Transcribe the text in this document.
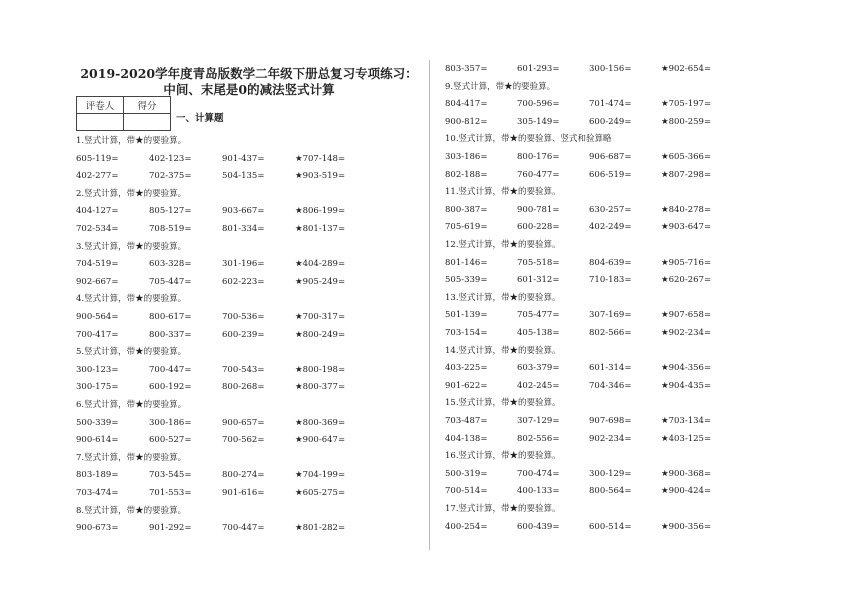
2019-2020学年度青岛版数学二年级下册总复习专项练习：
中间、末尾是0的减法竖式计算
评卷人	得分

一、计算题
1.竖式计算，带★的要验算。
605-119=	402-123=	901-437=	★707-148=
402-277=	702-375=	504-135=	★903-519=
2.竖式计算，带★的要验算。
404-127=	805-127=	903-667=	★806-199=
702-534=	708-519=	801-334=	★801-137=
3.竖式计算，带★的要验算。
704-519=	603-328=	301-196=	★404-289=
902-667=	705-447=	602-223=	★905-249=
4.竖式计算，带★的要验算。
900-564=	800-617=	700-536=	★700-317=
700-417=	800-337=	600-239=	★800-249=
5.竖式计算，带★的要验算。
300-123=	700-447=	700-543=	★800-198=
300-175=	600-192=	800-268=	★800-377=
6.竖式计算，带★的要验算。
500-339=	300-186=	900-657=	★800-369=
900-614=	600-527=	700-562=	★900-647=
7.竖式计算，带★的要验算。
803-189=	703-545=	800-274=	★704-199=
703-474=	701-553=	901-616=	★605-275=
8.竖式计算，带★的要验算。
900-673=	901-292=	700-447=	★801-282=
803-357=	601-293=	300-156=	★902-654=
9.竖式计算，带★的要验算。
804-417=	700-596=	701-474=	★705-197=
900-812=	305-149=	600-249=	★800-259=
10.竖式计算，带★的要验算、竖式和验算略
303-186=	800-176=	906-687=	★605-366=
802-188=	760-477=	606-519=	★807-298=
11.竖式计算，带★的要验算。
800-387=	900-781=	630-257=	★840-278=
705-619=	600-228=	402-249=	★903-647=
12.竖式计算，带★的要验算。
801-146=	705-518=	804-639=	★905-716=
505-339=	601-312=	710-183=	★620-267=
13.竖式计算，带★的要验算。
501-139=	705-477=	307-169=	★907-658=
703-154=	405-138=	802-566=	★902-234=
14.竖式计算，带★的要验算。
403-225=	603-379=	601-314=	★904-356=
901-622=	402-245=	704-346=	★904-435=
15.竖式计算，带★的要验算。
703-487=	307-129=	907-698=	★703-134=
404-138=	802-556=	902-234=	★403-125=
16.竖式计算，带★的要验算。
500-319=	700-474=	300-129=	★900-368=
700-514=	400-133=	800-564=	★900-424=
17.竖式计算，带★的要验算。
400-254=	600-439=	600-514=	★900-356=
